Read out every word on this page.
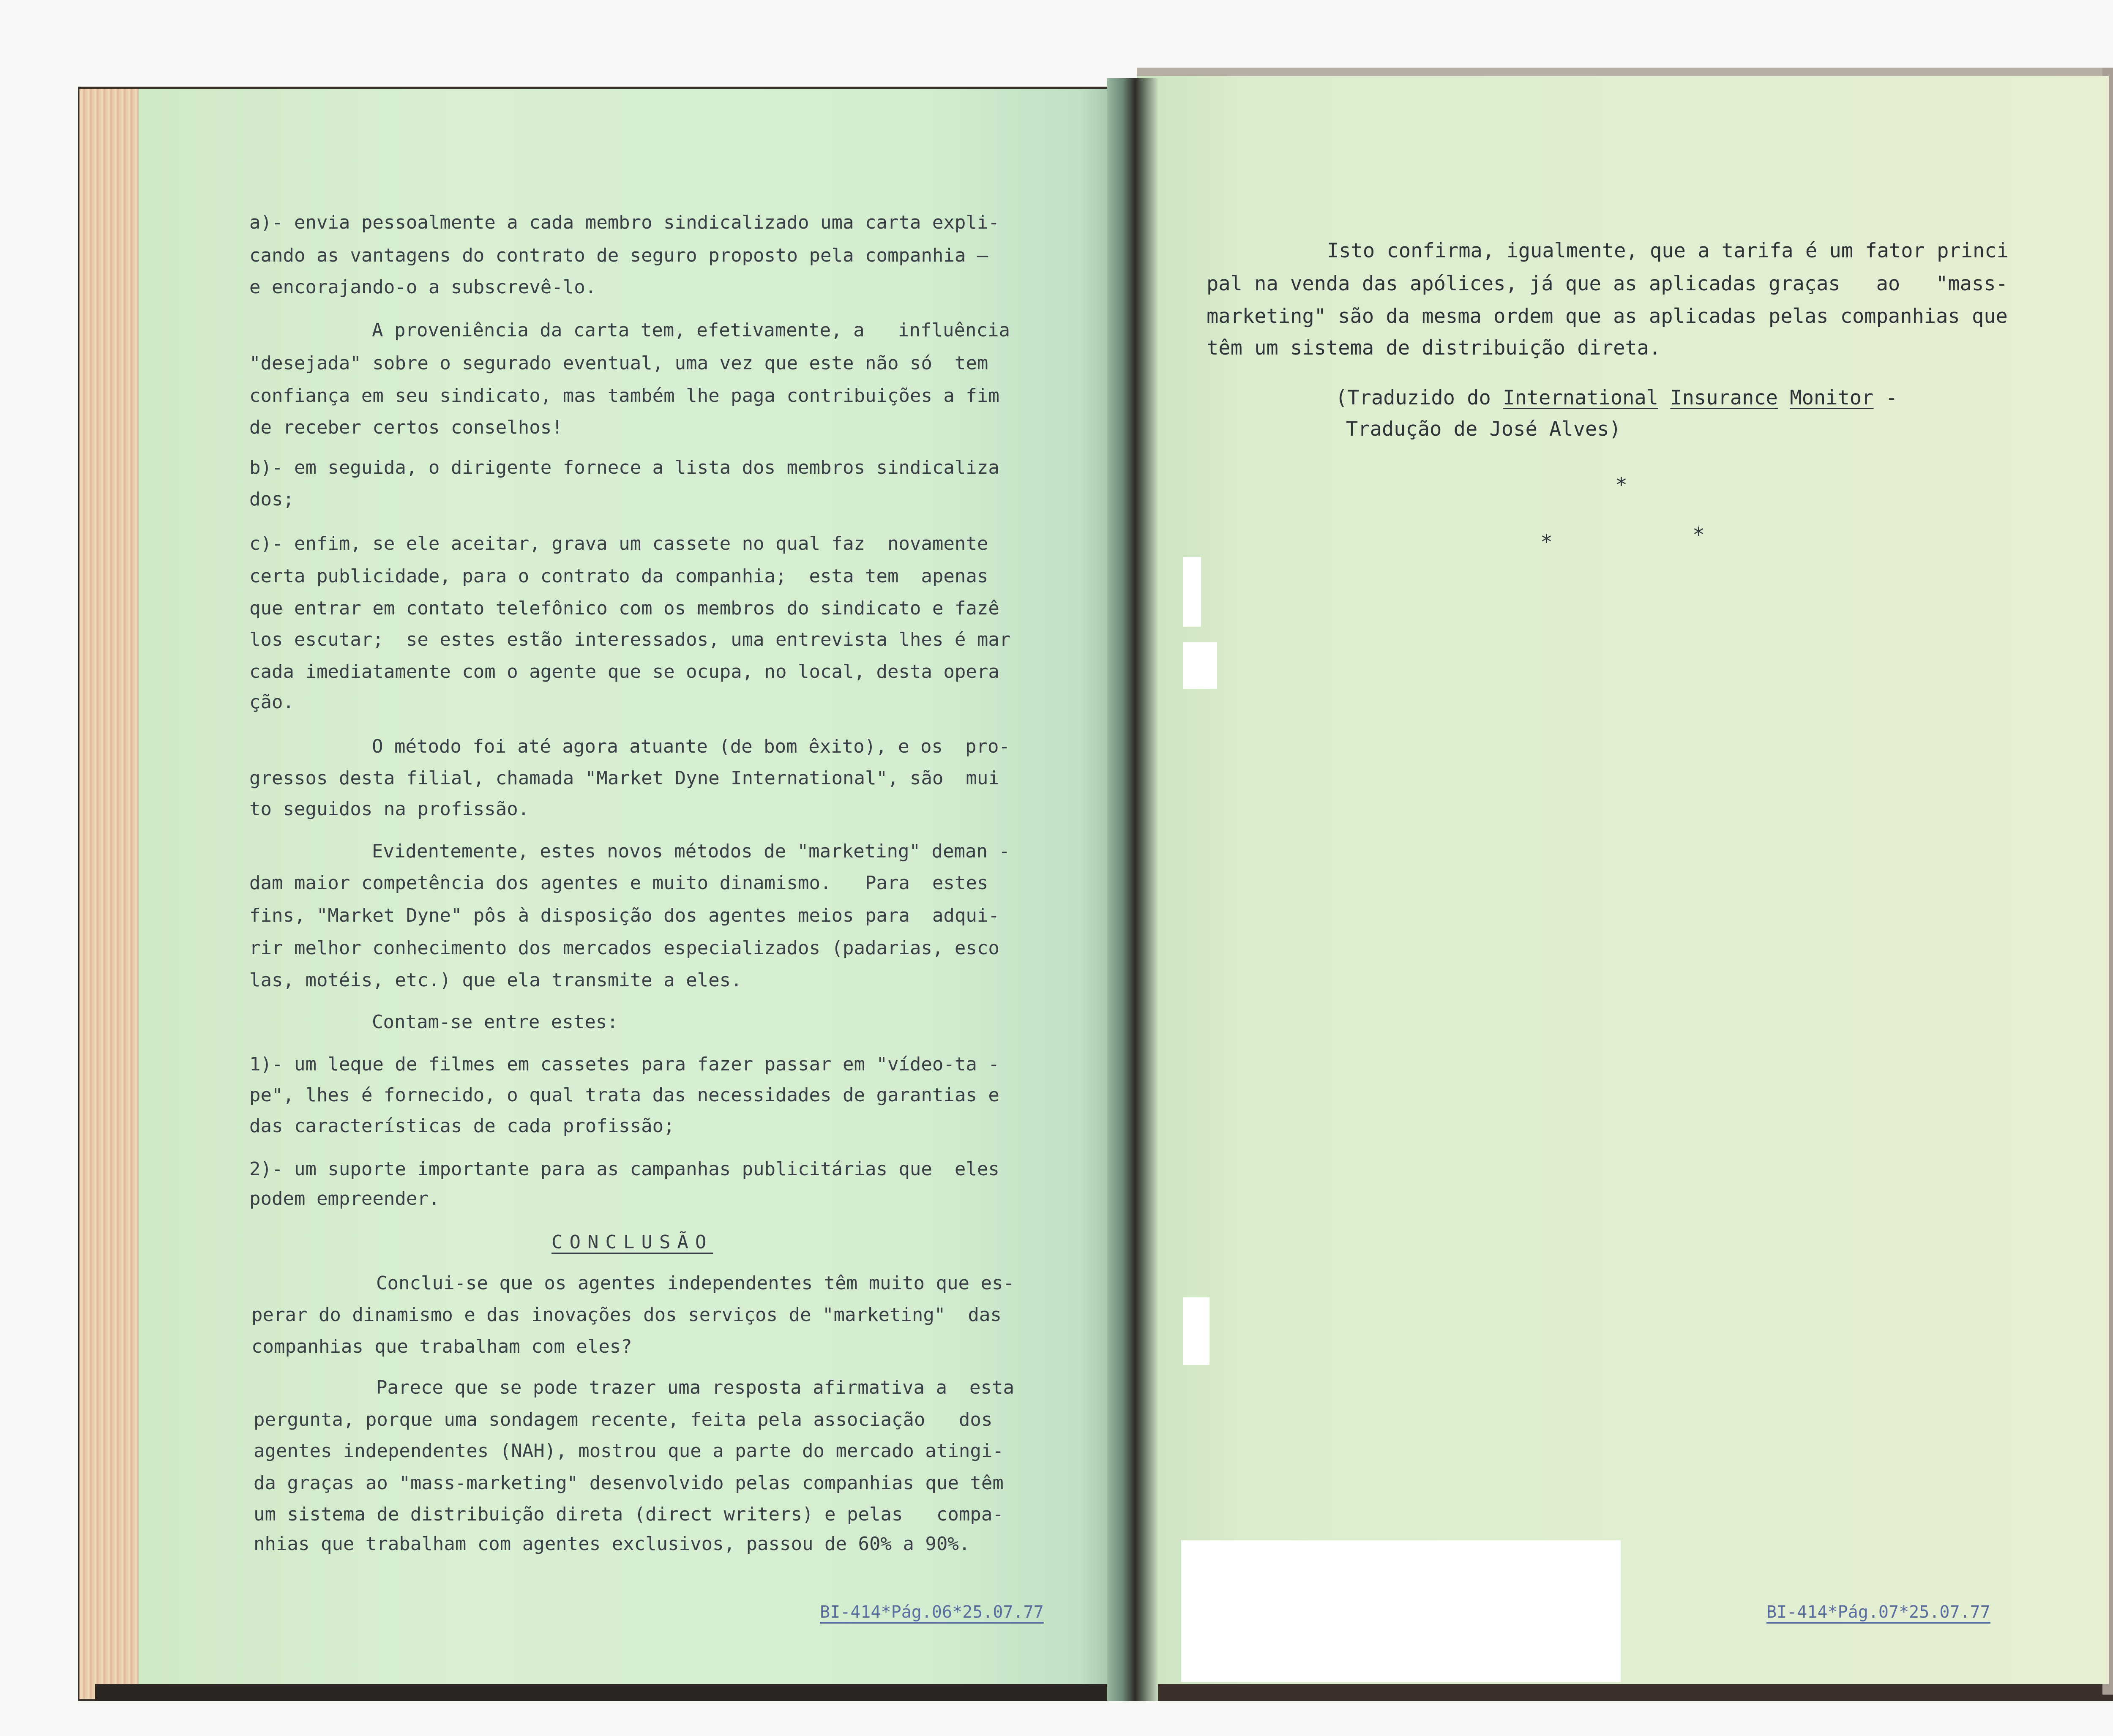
a)- envia pessoalmente a cada membro sindicalizado uma carta expli-
cando as vantagens do contrato de seguro proposto pela companhia —
e encorajando-o a subscrevê-lo.
A proveniência da carta tem, efetivamente, a   influência
"desejada" sobre o segurado eventual, uma vez que este não só  tem
confiança em seu sindicato, mas também lhe paga contribuições a fim
de receber certos conselhos!
b)- em seguida, o dirigente fornece a lista dos membros sindicaliza
dos;
c)- enfim, se ele aceitar, grava um cassete no qual faz  novamente
certa publicidade, para o contrato da companhia;  esta tem  apenas
que entrar em contato telefônico com os membros do sindicato e fazê
los escutar;  se estes estão interessados, uma entrevista lhes é mar
cada imediatamente com o agente que se ocupa, no local, desta opera
ção.
O método foi até agora atuante (de bom êxito), e os  pro-
gressos desta filial, chamada "Market Dyne International", são  mui
to seguidos na profissão.
Evidentemente, estes novos métodos de "marketing" deman -
dam maior competência dos agentes e muito dinamismo.   Para  estes
fins, "Market Dyne" pôs à disposição dos agentes meios para  adqui-
rir melhor conhecimento dos mercados especializados (padarias, esco
las, motéis, etc.) que ela transmite a eles.
Contam-se entre estes:
1)- um leque de filmes em cassetes para fazer passar em "vídeo-ta -
pe", lhes é fornecido, o qual trata das necessidades de garantias e
das características de cada profissão;
2)- um suporte importante para as campanhas publicitárias que  eles
podem empreender.
CONCLUSÃO
Conclui-se que os agentes independentes têm muito que es-
perar do dinamismo e das inovações dos serviços de "marketing"  das
companhias que trabalham com eles?
Parece que se pode trazer uma resposta afirmativa a  esta
pergunta, porque uma sondagem recente, feita pela associação   dos
agentes independentes (NAH), mostrou que a parte do mercado atingi-
da graças ao "mass-marketing" desenvolvido pelas companhias que têm
um sistema de distribuição direta (direct writers) e pelas   compa-
nhias que trabalham com agentes exclusivos, passou de 60% a 90%.
BI-414*Pág.06*25.07.77
Isto confirma, igualmente, que a tarifa é um fator princi
pal na venda das apólices, já que as aplicadas graças   ao   "mass-
marketing" são da mesma ordem que as aplicadas pelas companhias que
têm um sistema de distribuição direta.
(Traduzido do International Insurance Monitor -
Tradução de José Alves)
*
*	*
BI-414*Pág.07*25.07.77
